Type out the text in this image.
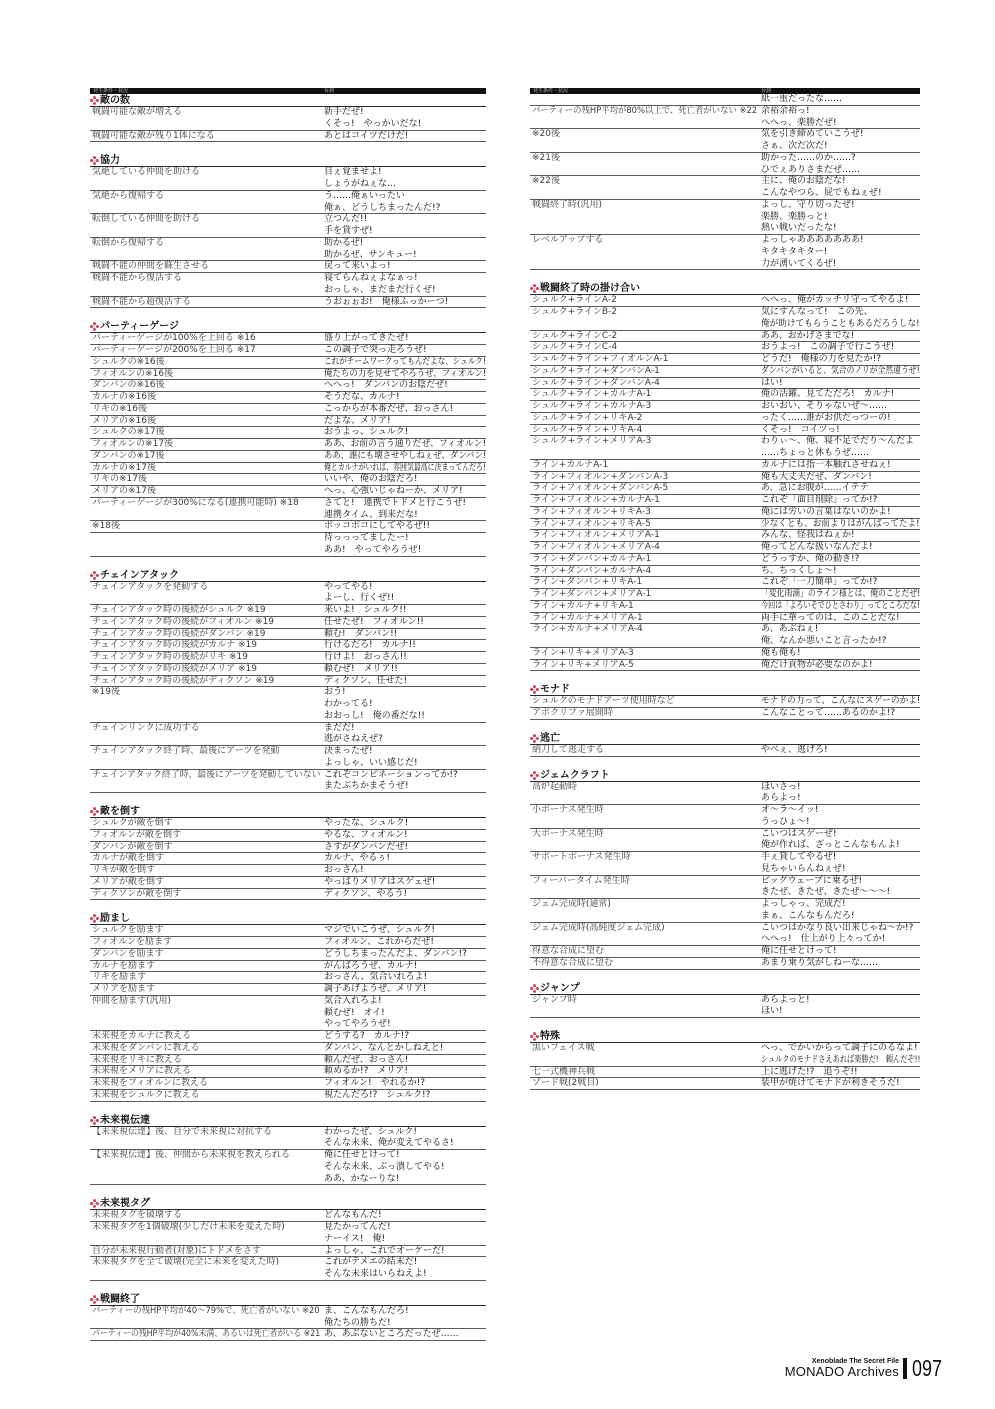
発生条件・状況	台詞
敵の数
戦闘可能な敵が増える	新手だぜ!
くそっ!　やっかいだな!
戦闘可能な敵が残り1体になる	あとはコイツだけだ!
協力
気絶している仲間を助ける	目ぇ覚ませよ!
しょうがねぇな…
気絶から復帰する	う……俺ぁいったい
俺ぁ、どうしちまったんだ!?
転倒している仲間を助ける	立つんだ!!
手を貸すぜ!
転倒から復帰する	助かるぜ!
助かるぜ、サンキュー!
戦闘不能の仲間を蘇生させる	戻って来いよっ!
戦闘不能から復活する	寝てらんねぇよなぁっ!
おっしゃ、まだまだ行くぜ!
戦闘不能から超復活する	うおぉぉお!　俺様ふっかーつ!
パーティーゲージ
パーティーゲージが100%を上回る ※16	盛り上がってきたぜ!
パーティーゲージが200%を上回る ※17	この調子で突っ走ろうぜ!
シュルクの※16後	これがチームワークってもんだよな、シュルク!
フィオルンの※16後	俺たちの力を見せてやろうぜ、フィオルン!
ダンバンの※16後	へへっ!　ダンバンのお陰だぜ!
カルナの※16後	そうだな、カルナ!
リキの※16後	こっからが本番だぜ、おっさん!
メリアの※16後	だよな、メリア!
シュルクの※17後	おうよっ、シュルク!
フィオルンの※17後	ああ、お前の言う通りだぜ、フィオルン!
ダンバンの※17後	ああ、誰にも壊させやしねぇぜ、ダンバン!
カルナの※17後	俺とカルナがいれば、雰囲気最高に決まってんだろ!
リキの※17後	いいや、俺のお陰だろ!
メリアの※17後	へっ、心強いじゃねーか、メリア!
パーティーゲージが300%になる(連携可能時) ※18	さてと!　連携でトドメと行こうぜ!
連携タイム、到来だな!
※18後	ボッコボコにしてやるぜ!!
待っっってましたー!
ああ!　やってやろうぜ!
チェインアタック
チェインアタックを発動する	やってやる!
よーし、行くぜ!!
チェインアタック時の後続がシュルク ※19	来いよ!　シュルク!!
チェインアタック時の後続がフィオルン ※19	任せたぜ!　フィオルン!!
チェインアタック時の後続がダンバン ※19	頼む!　ダンバン!!
チェインアタック時の後続がカルナ ※19	行けるだろ!　カルナ!!
チェインアタック時の後続がリキ ※19	行けよ!　おっさん!!
チェインアタック時の後続がメリア ※19	頼むぜ!　メリア!!
チェインアタック時の後続がディクソン ※19	ディクソン、任せた!
※19後	おう!
わかってる!
おおっし!　俺の番だな!!
チェインリンクに成功する	まだだ!
逃がさねえぜ?
チェインアタック終了時、最後にアーツを発動	決まったぜ!
よっしゃ、いい感じだ!
チェインアタック終了時、最後にアーツを発動していない これぞコンビネーションってか!?
またぶちかまそうぜ!
敵を倒す
シュルクが敵を倒す	やったな、シュルク!
フィオルンが敵を倒す	やるな、フィオルン!
ダンバンが敵を倒す	さすがダンバンだぜ!
カルナが敵を倒す	カルナ、やるぅ!
リキが敵を倒す	おっさん!
メリアが敵を倒す	やっぱりメリアはスゲェぜ!
ディクソンが敵を倒す	ディクソン、やるう!
励まし
シュルクを励ます	マジでいこうぜ、シュルク!
フィオルンを励ます	フィオルン、これからだぜ!
ダンバンを励ます	どうしちまったんだよ、ダンバン!?
カルナを励ます	がんばろうぜ、カルナ!
リキを励ます	おっさん、気合いれろよ!
メリアを励ます	調子あげようぜ、メリア!
仲間を励ます(汎用)	気合入れろよ!
頼むぜ!　オイ!
やってやろうぜ!
未来視をカルナに教える	どうする?　カルナ!?
未来視をダンバンに教える	ダンバン、なんとかしねえと!
未来視をリキに教える	頼んだぜ、おっさん!
未来視をメリアに教える	頼めるか!?　メリア!
未来視をフィオルンに教える	フィオルン!　やれるか!?
未来視をシュルクに教える	視たんだろ!?　シュルク!?
未来視伝達
【未来視伝達】後、自分で未来視に対抗する	わかったぜ、シュルク!
そんな未来、俺が変えてやるさ!
【未来視伝達】後、仲間から未来視を教えられる	俺に任せとけって!
そんな未来、ぶっ潰してやる!
ああ、かなーりな!
未来視タグ
未来視タグを破壊する	どんなもんだ!
未来視タグを1個破壊(少しだけ未来を変えた時)	見たかってんだ!
ナーイス!　俺!
自分が未来視行動者(対象)にトドメをさす	よっしゃ、これでオーケーだ!
未来視タグを全て破壊(完全に未来を変えた時)	これがテメエの結末だ!
そんな未来はいらねえよ!
戦闘終了
パーティーの残HP平均が40〜79%で、死亡者がいない ※20 ま、こんなもんだろ!
俺たちの勝ちだ!
パーティーの残HP平均が40%未満、あるいは死亡者がいる ※21 あ、あぶないところだったぜ……
発生条件・状況	台詞
紙一重だったな……
パーティーの残HP平均が80%以上で、死亡者がいない ※22 余裕余裕っ!
へへっ、楽勝だぜ!
※20後	気を引き締めていこうぜ!
さぁ、次だ次だ!
※21後	助かった……のか……?
ひでぇありさまだぜ……
※22後	主に、俺のお陰だな!
こんなやつら、屁でもねぇぜ!
戦闘終了時(汎用)	よっし、守り切ったぜ!
楽勝、楽勝っと!
熱い戦いだったな!
レベルアップする	よっしゃあああああああ!
キタキタキター!
力が湧いてくるぜ!
戦闘終了時の掛け合い
シュルク+ラインA-2	へへっ、俺がカッチリ守ってやるよ!
シュルク+ラインB-2	気にすんなって!　この先、
俺が助けてもらうこともあるだろうしな!
シュルク+ラインC-2	ああ、おかげさまでな!
シュルク+ラインC-4	おうよっ!　この調子で行こうぜ!
シュルク+ライン+フィオルンA-1	どうだ!　俺様の力を見たか!?
シュルク+ライン+ダンバンA-1	ダンバンがいると、気合のノリが全然違うぜ!
シュルク+ライン+ダンバンA-4	はい!
シュルク+ライン+カルナA-1	俺の活躍、見てただろ!　カルナ!
シュルク+ライン+カルナA-3	おいおい、そりゃないぜ〜……
シュルク+ライン+リキA-2	ったく……誰がお供だっつーの!
シュルク+ライン+リキA-4	くそっ!　コイツっ!
シュルク+ライン+メリアA-3	わりぃ〜、俺、寝不足でだり〜んだよ
……ちょっと休もうぜ……
ライン+カルナA-1	カルナには指一本触れさせねぇ!
ライン+フィオルン+ダンバンA-3	俺も大丈夫だぜ、ダンバン!
ライン+フィオルン+ダンバンA-5	あ、急にお腹が……イテテ
ライン+フィオルン+カルナA-1	これぞ「面目削除」ってか!?
ライン+フィオルン+リキA-3	俺には労いの言葉はないのかよ!
ライン+フィオルン+リキA-5	少なくとも、お前よりはがんばってたよ!
ライン+フィオルン+メリアA-1	みんな、怪我はねぇか!
ライン+フィオルン+メリアA-4	俺ってどんな扱いなんだよ!
ライン+ダンバン+カルナA-1	どうっすか、俺の動き!?
ライン+ダンバン+カルナA-4	ち、ちっくしょ〜!
ライン+ダンバン+リキA-1	これぞ「一刀簡単」ってか!?
ライン+ダンバン+メリアA-1	「変化雨滴」のライン様とは、俺のことだぜ!
ライン+カルナ+リキA-1	今回は「よろいそでひとさわり」ってところだな!
ライン+カルナ+メリアA-1	両手に華ってのは、このことだな!
ライン+カルナ+メリアA-4	あ、あぶねぇ!
俺、なんか悪いこと言ったか!?
ライン+リキ+メリアA-3	俺も俺も!
ライン+リキ+メリアA-5	俺だけ貢物が必要なのかよ!
モナド
シュルクのモナドアーツ使用時など	モナドの力って、こんなにスゲーのかよ!
アポクリファ展開時	こんなことって……あるのかよ!?
逃亡
納刀して逃走する	やべぇ、逃げろ!
ジェムクラフト
高炉起動時	ほいさっ!
あらよっ!
小ボーナス発生時	オ〜ラ〜イッ!
うっひょ〜!
大ボーナス発生時	こいつはスゲーぜ!
俺が作れば、ざっとこんなもんよ!
サポートボーナス発生時	手ぇ貸してやるぜ!
見ちゃいらんねぇぜ!
フィーバータイム発生時	ビッグウェーブに乗るぜ!
きたぜ、きたぜ、きたぜ〜〜〜!
ジェム完成時(通常)	よっしゃっ、完成だ!
まぁ、こんなもんだろ!
ジェム完成時(高純度ジェム完成)	こいつはかなり良い出来じゃね〜か!?
へへっ!　仕上がり上々ってか!
得意な合成に望む	俺に任せとけって!
不得意な合成に望む	あまり乗り気がしねーな……
ジャンプ
ジャンプ時	あらよっと!
ほい!
特殊
黒いフェイス戦	へっ、でかいからって調子にのるなよ!
シュルクのモナドさえあれば楽勝だ!　頼んだぞ!!
七一式機神兵戦	上に逃げた!?　追うぞ!!
ゾード戦(2戦目)	装甲が焼けてモナドが利きそうだ!
Xenoblade The Secret File
MONADO Archives 097
